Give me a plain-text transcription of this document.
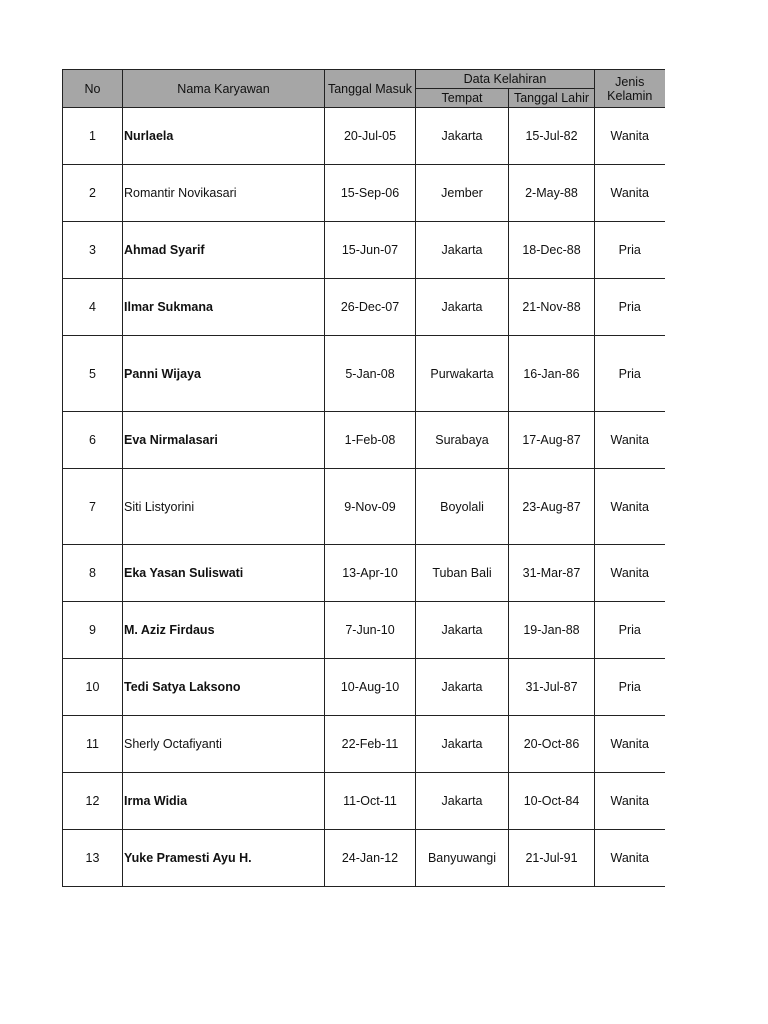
No	Nama Karyawan	Tanggal Masuk	Data Kelahiran		Jenis Kelamin
			Tempat	Tanggal Lahir	
1	Nurlaela	20-Jul-05	Jakarta	15-Jul-82	Wanita
2	Romantir Novikasari	15-Sep-06	Jember	2-May-88	Wanita
3	Ahmad Syarif	15-Jun-07	Jakarta	18-Dec-88	Pria
4	Ilmar Sukmana	26-Dec-07	Jakarta	21-Nov-88	Pria
5	Panni Wijaya	5-Jan-08	Purwakarta	16-Jan-86	Pria
6	Eva Nirmalasari	1-Feb-08	Surabaya	17-Aug-87	Wanita
7	Siti Listyorini	9-Nov-09	Boyolali	23-Aug-87	Wanita
8	Eka Yasan Suliswati	13-Apr-10	Tuban Bali	31-Mar-87	Wanita
9	M. Aziz Firdaus	7-Jun-10	Jakarta	19-Jan-88	Pria
10	Tedi Satya Laksono	10-Aug-10	Jakarta	31-Jul-87	Pria
11	Sherly Octafiyanti	22-Feb-11	Jakarta	20-Oct-86	Wanita
12	Irma Widia	11-Oct-11	Jakarta	10-Oct-84	Wanita
13	Yuke Pramesti Ayu H.	24-Jan-12	Banyuwangi	21-Jul-91	Wanita
